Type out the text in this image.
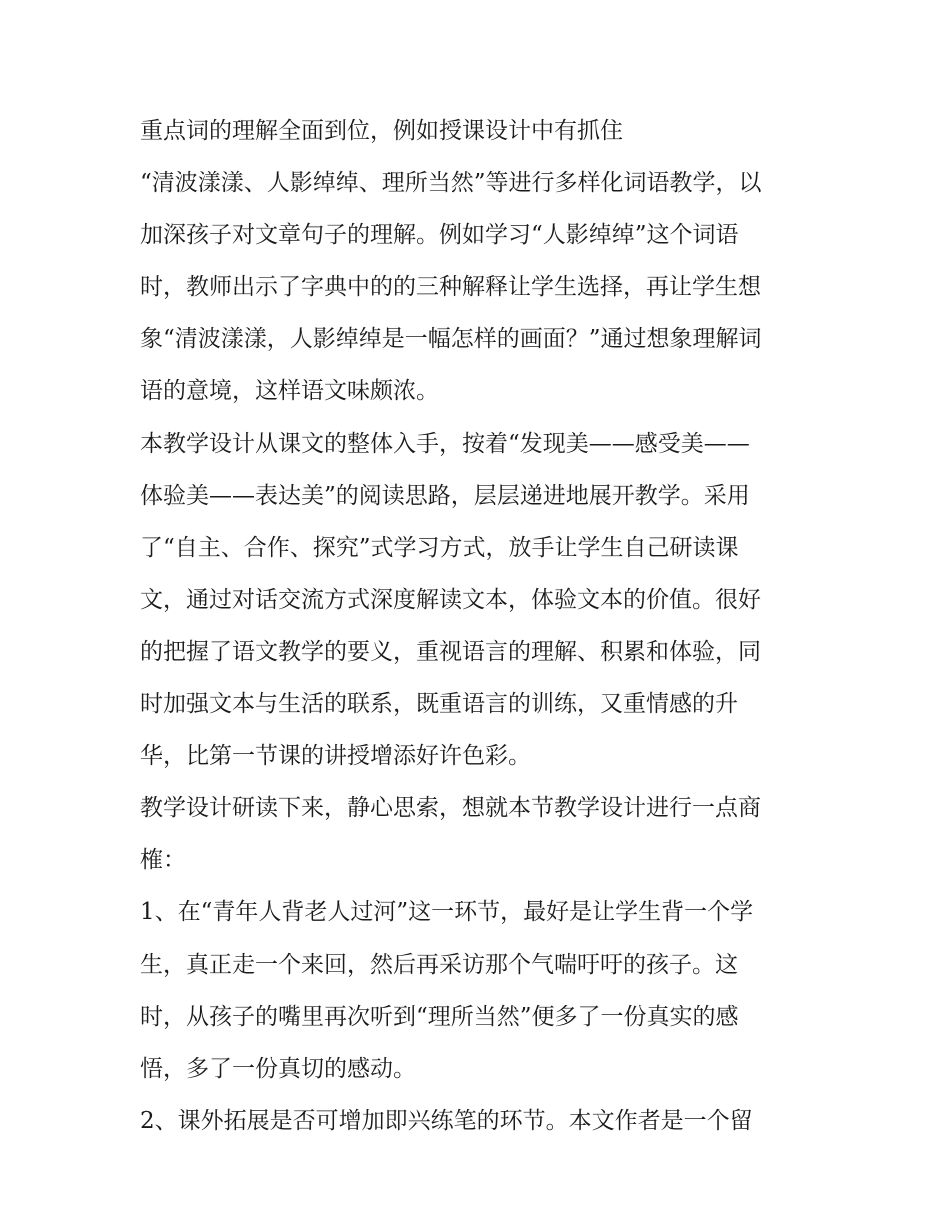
重点词的理解全面到位，例如授课设计中有抓住
“清波漾漾、人影绰绰、理所当然”等进行多样化词语教学，以
加深孩子对文章句子的理解。例如学习“人影绰绰”这个词语
时，教师出示了字典中的的三种解释让学生选择，再让学生想
象“清波漾漾，人影绰绰是一幅怎样的画面？”通过想象理解词
语的意境，这样语文味颇浓。
本教学设计从课文的整体入手，按着“发现美——感受美——
体验美——表达美”的阅读思路，层层递进地展开教学。采用
了“自主、合作、探究”式学习方式，放手让学生自己研读课
文，通过对话交流方式深度解读文本，体验文本的价值。很好
的把握了语文教学的要义，重视语言的理解、积累和体验，同
时加强文本与生活的联系，既重语言的训练，又重情感的升
华，比第一节课的讲授增添好许色彩。
教学设计研读下来，静心思索，想就本节教学设计进行一点商
榷：
1、在“青年人背老人过河”这一环节，最好是让学生背一个学
生，真正走一个来回，然后再采访那个气喘吁吁的孩子。这
时，从孩子的嘴里再次听到“理所当然”便多了一份真实的感
悟，多了一份真切的感动。
2、课外拓展是否可增加即兴练笔的环节。本文作者是一个留
